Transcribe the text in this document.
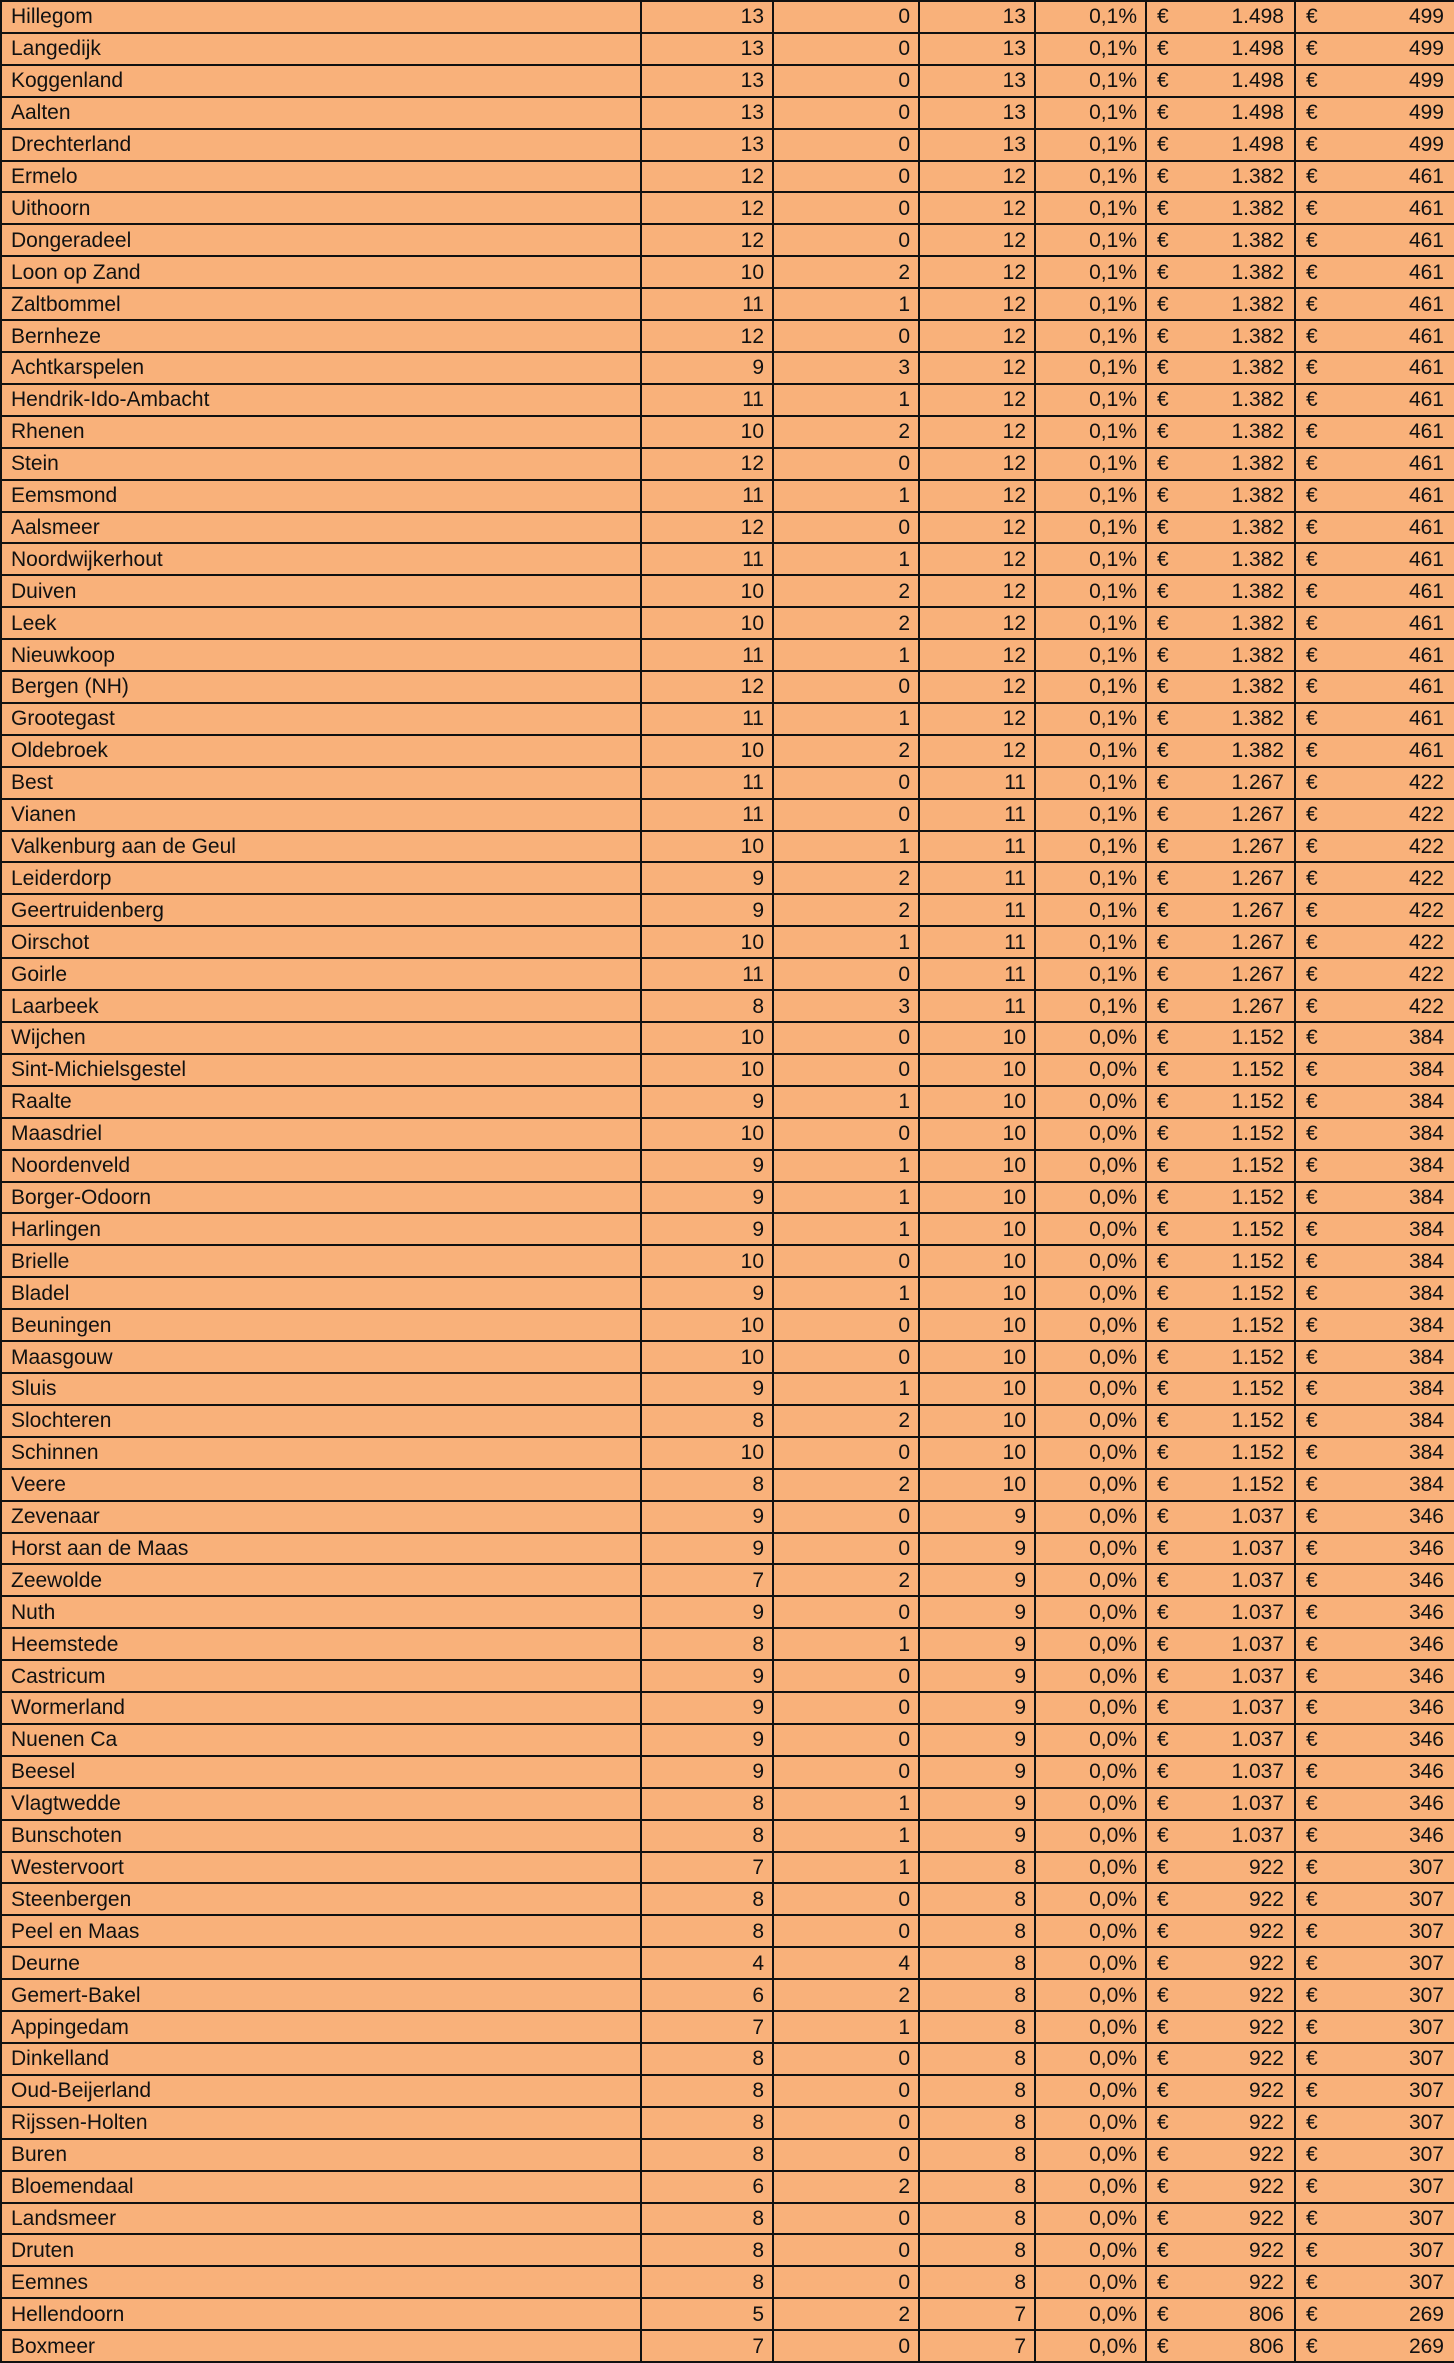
Hillegom	13	0	13	0,1%	€ 1.498	€ 499

Langedijk	13	0	13	0,1%	€ 1.498	€ 499

Koggenland	13	0	13	0,1%	€ 1.498	€ 499

Aalten	13	0	13	0,1%	€ 1.498	€ 499

Drechterland	13	0	13	0,1%	€ 1.498	€ 499

Ermelo	12	0	12	0,1%	€ 1.382	€ 461

Uithoorn	12	0	12	0,1%	€ 1.382	€ 461

Dongeradeel	12	0	12	0,1%	€ 1.382	€ 461

Loon op Zand	10	2	12	0,1%	€ 1.382	€ 461

Zaltbommel	11	1	12	0,1%	€ 1.382	€ 461

Bernheze	12	0	12	0,1%	€ 1.382	€ 461

Achtkarspelen	9	3	12	0,1%	€ 1.382	€ 461

Hendrik-Ido-Ambacht	11	1	12	0,1%	€ 1.382	€ 461

Rhenen	10	2	12	0,1%	€ 1.382	€ 461

Stein	12	0	12	0,1%	€ 1.382	€ 461

Eemsmond	11	1	12	0,1%	€ 1.382	€ 461

Aalsmeer	12	0	12	0,1%	€ 1.382	€ 461

Noordwijkerhout	11	1	12	0,1%	€ 1.382	€ 461

Duiven	10	2	12	0,1%	€ 1.382	€ 461

Leek	10	2	12	0,1%	€ 1.382	€ 461

Nieuwkoop	11	1	12	0,1%	€ 1.382	€ 461

Bergen (NH)	12	0	12	0,1%	€ 1.382	€ 461

Grootegast	11	1	12	0,1%	€ 1.382	€ 461

Oldebroek	10	2	12	0,1%	€ 1.382	€ 461

Best	11	0	11	0,1%	€ 1.267	€ 422

Vianen	11	0	11	0,1%	€ 1.267	€ 422

Valkenburg aan de Geul	10	1	11	0,1%	€ 1.267	€ 422

Leiderdorp	9	2	11	0,1%	€ 1.267	€ 422

Geertruidenberg	9	2	11	0,1%	€ 1.267	€ 422

Oirschot	10	1	11	0,1%	€ 1.267	€ 422

Goirle	11	0	11	0,1%	€ 1.267	€ 422

Laarbeek	8	3	11	0,1%	€ 1.267	€ 422

Wijchen	10	0	10	0,0%	€ 1.152	€ 384

Sint-Michielsgestel	10	0	10	0,0%	€ 1.152	€ 384

Raalte	9	1	10	0,0%	€ 1.152	€ 384

Maasdriel	10	0	10	0,0%	€ 1.152	€ 384

Noordenveld	9	1	10	0,0%	€ 1.152	€ 384

Borger-Odoorn	9	1	10	0,0%	€ 1.152	€ 384

Harlingen	9	1	10	0,0%	€ 1.152	€ 384

Brielle	10	0	10	0,0%	€ 1.152	€ 384

Bladel	9	1	10	0,0%	€ 1.152	€ 384

Beuningen	10	0	10	0,0%	€ 1.152	€ 384

Maasgouw	10	0	10	0,0%	€ 1.152	€ 384

Sluis	9	1	10	0,0%	€ 1.152	€ 384

Slochteren	8	2	10	0,0%	€ 1.152	€ 384

Schinnen	10	0	10	0,0%	€ 1.152	€ 384

Veere	8	2	10	0,0%	€ 1.152	€ 384

Zevenaar	9	0	9	0,0%	€ 1.037	€ 346

Horst aan de Maas	9	0	9	0,0%	€ 1.037	€ 346

Zeewolde	7	2	9	0,0%	€ 1.037	€ 346

Nuth	9	0	9	0,0%	€ 1.037	€ 346

Heemstede	8	1	9	0,0%	€ 1.037	€ 346

Castricum	9	0	9	0,0%	€ 1.037	€ 346

Wormerland	9	0	9	0,0%	€ 1.037	€ 346

Nuenen Ca	9	0	9	0,0%	€ 1.037	€ 346

Beesel	9	0	9	0,0%	€ 1.037	€ 346

Vlagtwedde	8	1	9	0,0%	€ 1.037	€ 346

Bunschoten	8	1	9	0,0%	€ 1.037	€ 346

Westervoort	7	1	8	0,0%	€ 922	€ 307

Steenbergen	8	0	8	0,0%	€ 922	€ 307

Peel en Maas	8	0	8	0,0%	€ 922	€ 307

Deurne	4	4	8	0,0%	€ 922	€ 307

Gemert-Bakel	6	2	8	0,0%	€ 922	€ 307

Appingedam	7	1	8	0,0%	€ 922	€ 307

Dinkelland	8	0	8	0,0%	€ 922	€ 307

Oud-Beijerland	8	0	8	0,0%	€ 922	€ 307

Rijssen-Holten	8	0	8	0,0%	€ 922	€ 307

Buren	8	0	8	0,0%	€ 922	€ 307

Bloemendaal	6	2	8	0,0%	€ 922	€ 307

Landsmeer	8	0	8	0,0%	€ 922	€ 307

Druten	8	0	8	0,0%	€ 922	€ 307

Eemnes	8	0	8	0,0%	€ 922	€ 307

Hellendoorn	5	2	7	0,0%	€ 806	€ 269

Boxmeer	7	0	7	0,0%	€ 806	€ 269
